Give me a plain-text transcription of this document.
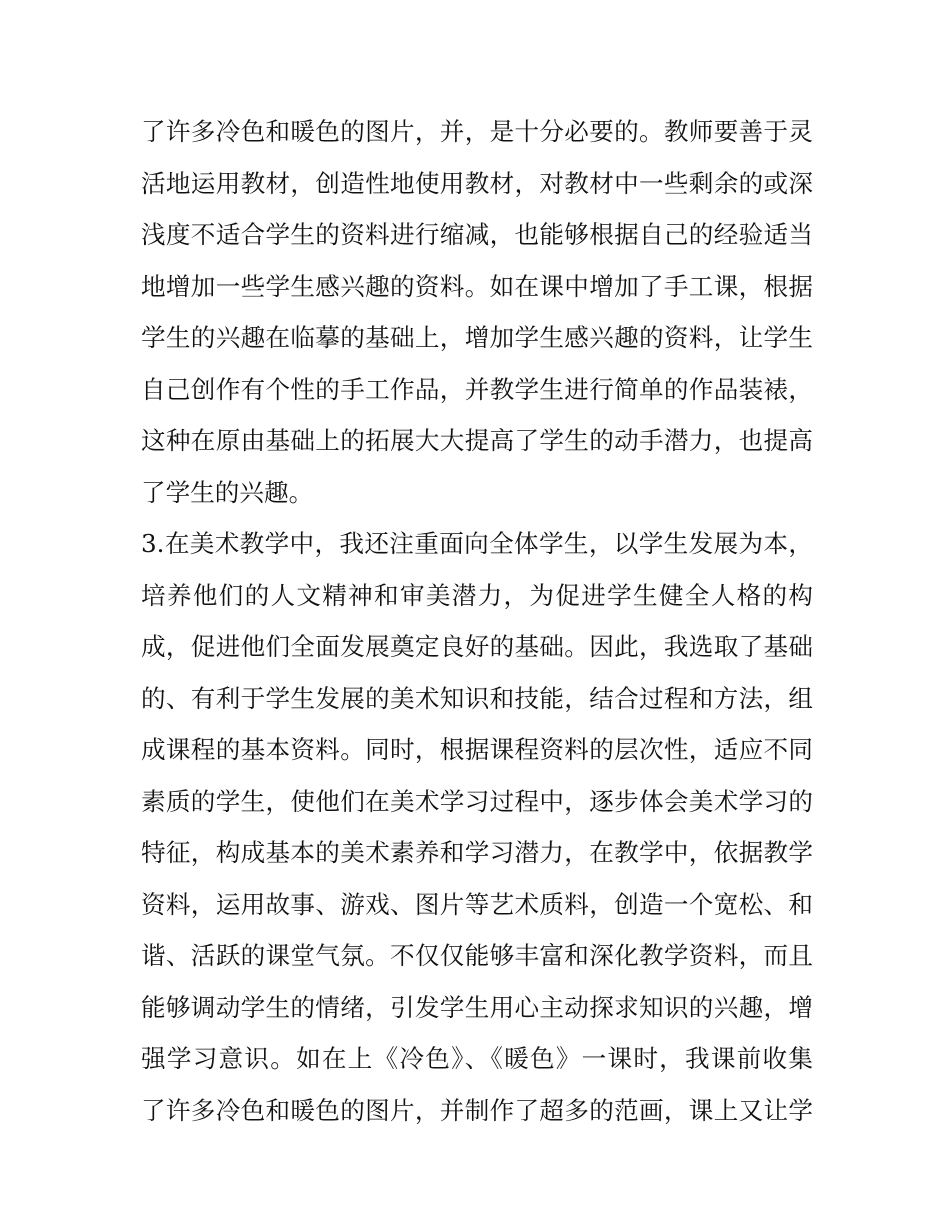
了许多冷色和暖色的图片，并，是十分必要的。教师要善于灵
活地运用教材，创造性地使用教材，对教材中一些剩余的或深
浅度不适合学生的资料进行缩减，也能够根据自己的经验适当
地增加一些学生感兴趣的资料。如在课中增加了手工课，根据
学生的兴趣在临摹的基础上，增加学生感兴趣的资料，让学生
自己创作有个性的手工作品，并教学生进行简单的作品装裱，
这种在原由基础上的拓展大大提高了学生的动手潜力，也提高
了学生的兴趣。
3.在美术教学中，我还注重面向全体学生，以学生发展为本，
培养他们的人文精神和审美潜力，为促进学生健全人格的构
成，促进他们全面发展奠定良好的基础。因此，我选取了基础
的、有利于学生发展的美术知识和技能，结合过程和方法，组
成课程的基本资料。同时，根据课程资料的层次性，适应不同
素质的学生，使他们在美术学习过程中，逐步体会美术学习的
特征，构成基本的美术素养和学习潜力，在教学中，依据教学
资料，运用故事、游戏、图片等艺术质料，创造一个宽松、和
谐、活跃的课堂气氛。不仅仅能够丰富和深化教学资料，而且
能够调动学生的情绪，引发学生用心主动探求知识的兴趣，增
强学习意识。如在上《冷色》、《暖色》一课时，我课前收集
了许多冷色和暖色的图片，并制作了超多的范画，课上又让学
